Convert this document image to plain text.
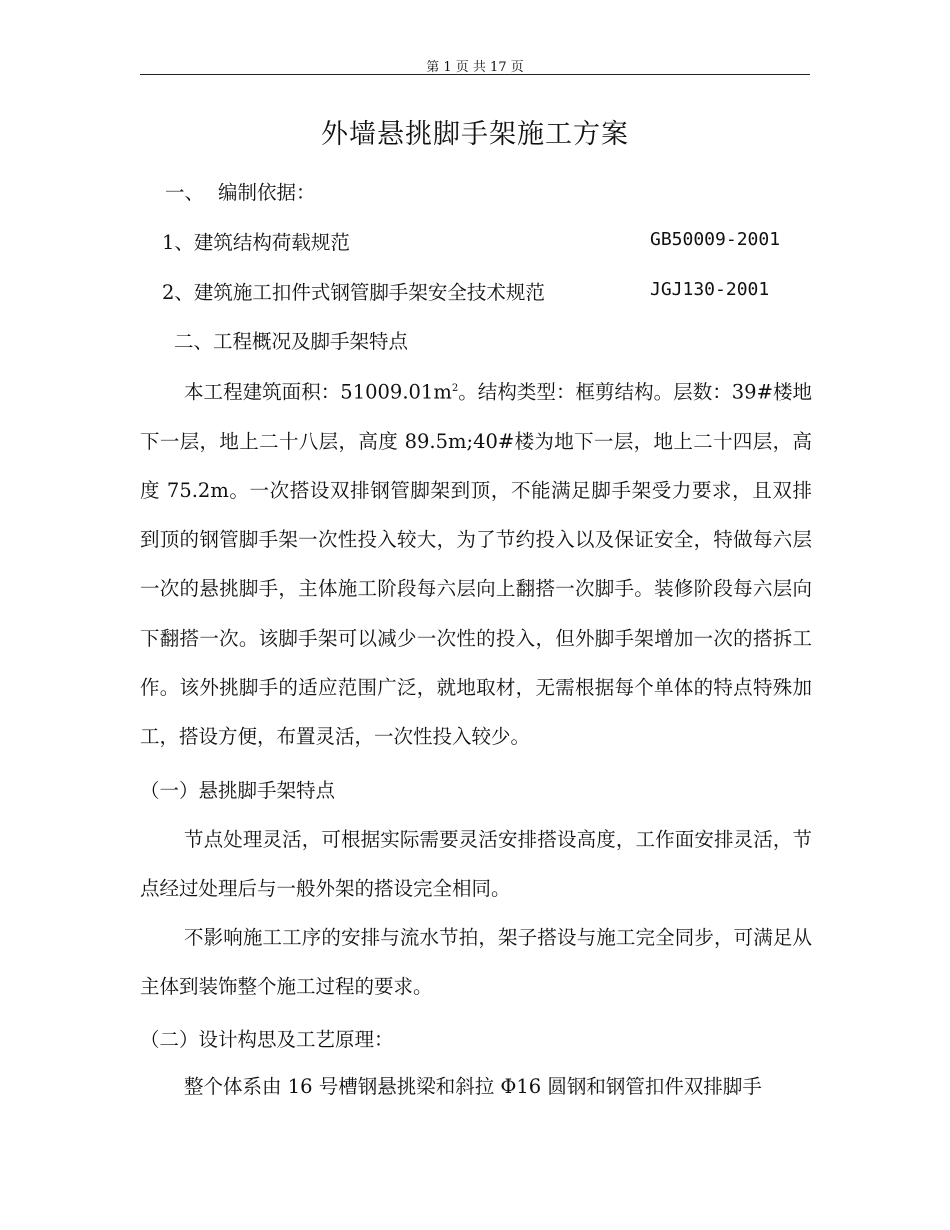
第 1 页 共 17 页
外墙悬挑脚手架施工方案
一、 编制依据：
1、建筑结构荷载规范	GB50009-2001
2、建筑施工扣件式钢管脚手架安全技术规范	JGJ130-2001
二、工程概况及脚手架特点

本工程建筑面积：$51009.01m^2$。结构类型：框剪结构。层数：39#楼地下一层，地上二十八层，高度 89.5m;40#楼为地下一层，地上二十四层，高度 75.2m。一次搭设双排钢管脚架到顶，不能满足脚手架受力要求，且双排到顶的钢管脚手架一次性投入较大，为了节约投入以及保证安全，特做每六层一次的悬挑脚手，主体施工阶段每六层向上翻搭一次脚手。装修阶段每六层向下翻搭一次。该脚手架可以减少一次性的投入，但外脚手架增加一次的搭拆工作。该外挑脚手的适应范围广泛，就地取材，无需根据每个单体的特点特殊加工，搭设方便，布置灵活，一次性投入较少。

（一）悬挑脚手架特点

节点处理灵活，可根据实际需要灵活安排搭设高度，工作面安排灵活，节点经过处理后与一般外架的搭设完全相同。

不影响施工工序的安排与流水节拍，架子搭设与施工完全同步，可满足从主体到装饰整个施工过程的要求。

（二）设计构思及工艺原理：

整个体系由 16 号槽钢悬挑梁和斜拉 Φ16 圆钢和钢管扣件双排脚手
